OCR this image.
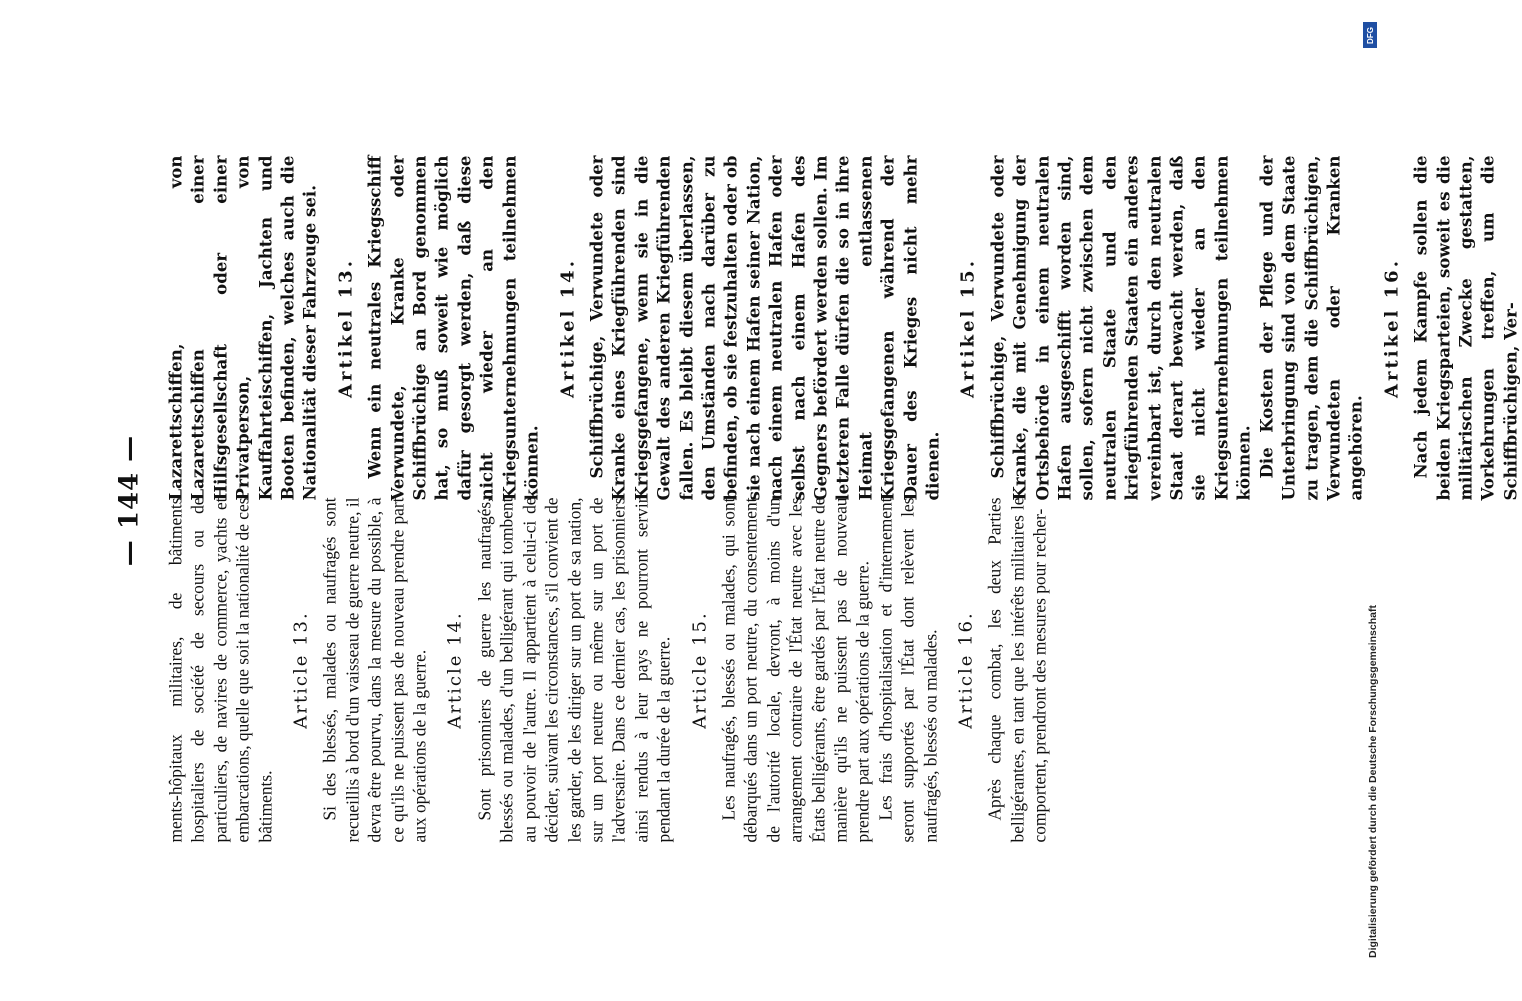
— 144 — ments-hôpitaux militaires, de bâtiments hospitaliers de société de secours ou de particuliers, de navires de commerce, yachts et embarcations, quelle que soit la nationalité de ces bâtiments.

Article 13. Si des blessés, malades ou naufragés sont recueillis à bord d'un vaisseau de guerre neutre, il devra être pourvu, dans la mesure du possible, à ce qu'ils ne puissent pas de nouveau prendre part aux opérations de la guerre. Article 14. Sont prisonniers de guerre les naufragés, blessés ou malades, d'un belligérant qui tombent au pouvoir de l'autre. Il appartient à celui-ci de décider, suivant les circonstances, s'il convient de les garder, de les diriger sur un port de sa nation, sur un port neutre ou même sur un port de l'adversaire. Dans ce dernier cas, les prisonniers ainsi rendus à leur pays ne pourront servir pendant la durée de la guerre. Article 15. Les naufragés, blessés ou malades, qui sont débarqués dans un port neutre, du consentement de l'autorité locale, devront, à moins d'un arrangement contraire de l'État neutre avec les États belligérants, être gardés par l'État neutre de manière qu'ils ne puissent pas de nouveau prendre part aux opérations de la guerre. Les frais d'hospitalisation et d'internement seront supportés par l'État dont relèvent les naufragés, blessés ou malades. Article 16. Après chaque combat, les deux Parties belligérantes, en tant que les intérêts militaires le comportent, prendront des mesures pour recher-

Lazarettschiffen, von Lazarettschiffen einer Hilfsgesellschaft oder einer Privatperson, von Kauffahrteischiffen, Jachten und Booten befinden, welches auch die Nationalität dieser Fahrzeuge sei. Artikel 13. Wenn ein neutrales Kriegsschiff Verwundete, Kranke oder Schiffbrüchige an Bord genommen hat, so muß soweit wie möglich dafür gesorgt werden, daß diese nicht wieder an den Kriegsunternehmungen teilnehmen können.

Artikel 14. Schiffbrüchige, Verwundete oder Kranke eines Kriegführenden sind Kriegsgefangene, wenn sie in die Gewalt des anderen Kriegführenden fallen. Es bleibt diesem überlassen, den Umständen nach darüber zu befinden, ob sie festzuhalten oder ob sie nach einem Hafen seiner Nation, nach einem neutralen Hafen oder selbst nach einem Hafen des Gegners befördert werden sollen. Im letzteren Falle dürfen die so in ihre Heimat entlassenen Kriegsgefangenen während der Dauer des Krieges nicht mehr dienen.

Artikel 15. Schiffbrüchige, Verwundete oder Kranke, die mit Genehmigung der Ortsbehörde in einem neutralen Hafen ausgeschifft worden sind, sollen, sofern nicht zwischen dem neutralen Staate und den kriegführenden Staaten ein anderes vereinbart ist, durch den neutralen Staat derart bewacht werden, daß sie nicht wieder an den Kriegsunternehmungen teilnehmen können. Die Kosten der Pflege und der Unterbringung sind von dem Staate zu tragen, dem die Schiffbrüchigen, Verwundeten oder Kranken angehören.

Artikel 16. Nach jedem Kampfe sollen die beiden Kriegsparteien, soweit es die militärischen Zwecke gestatten, Vorkehrungen treffen, um die Schiffbrüchigen, Ver-

DFG
Digitalisierung gefördert durch die Deutsche Forschungsgemeinschaft
